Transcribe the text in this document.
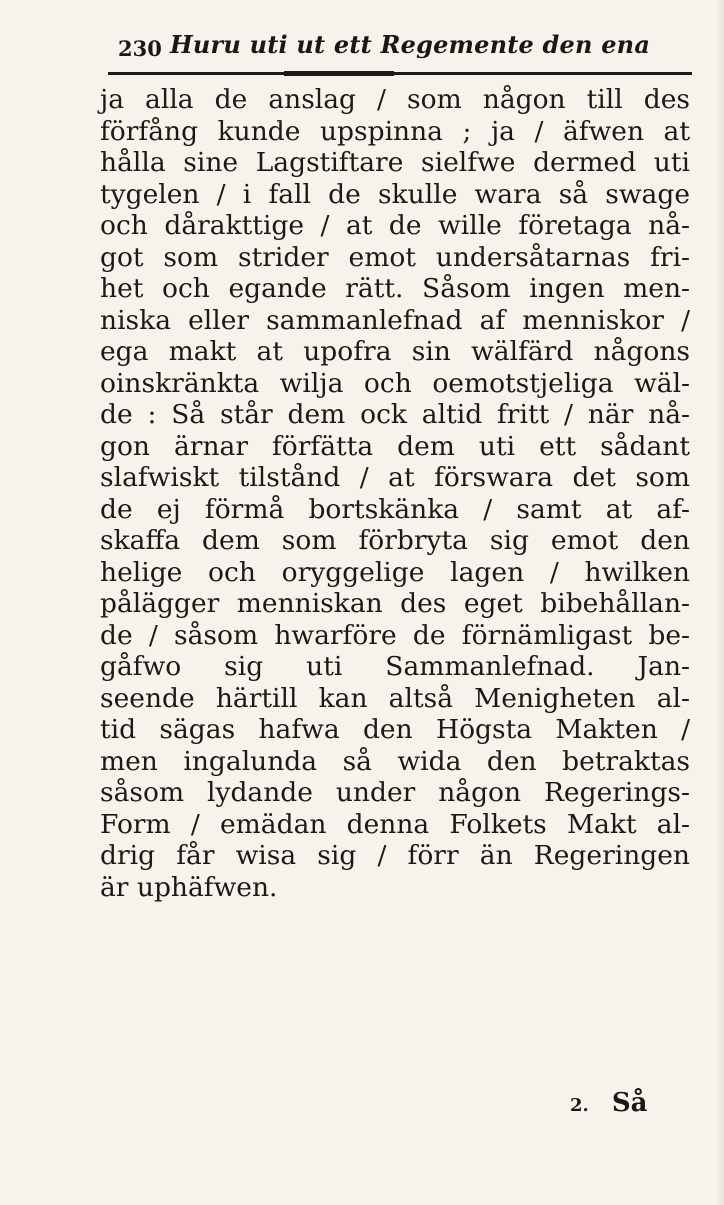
230 Huru uti ut ett Regemente den ena
ja alla de anslag / som någon till des
förfång kunde upspinna ; ja / äfwen at
hålla sine Lagstiftare sielfwe dermed uti
tygelen / i fall de skulle wara så swage
och dårakttige / at de wille företaga nå-
got som strider emot undersåtarnas fri-
het och egande rätt. Såsom ingen men-
niska eller sammanlefnad af menniskor /
ega makt at upofra sin wälfärd någons
oinskränkta wilja och oemotstjeliga wäl-
de : Så står dem ock altid fritt / när nå-
gon ärnar förfätta dem uti ett sådant
slafwiskt tilstånd / at förswara det som
de ej förmå bortskänka / samt at af-
skaffa dem som förbryta sig emot den
helige och oryggelige lagen / hwilken
pålägger menniskan des eget bibehållan-
de / såsom hwarföre de förnämligast be-
gåfwo sig uti Sammanlefnad. Jan-
seende härtill kan altså Menigheten al-
tid sägas hafwa den Högsta Makten /
men ingalunda så wida den betraktas
såsom lydande under någon Regerings-
Form / emädan denna Folkets Makt al-
drig får wisa sig / förr än Regeringen
är uphäfwen.
2. Så
